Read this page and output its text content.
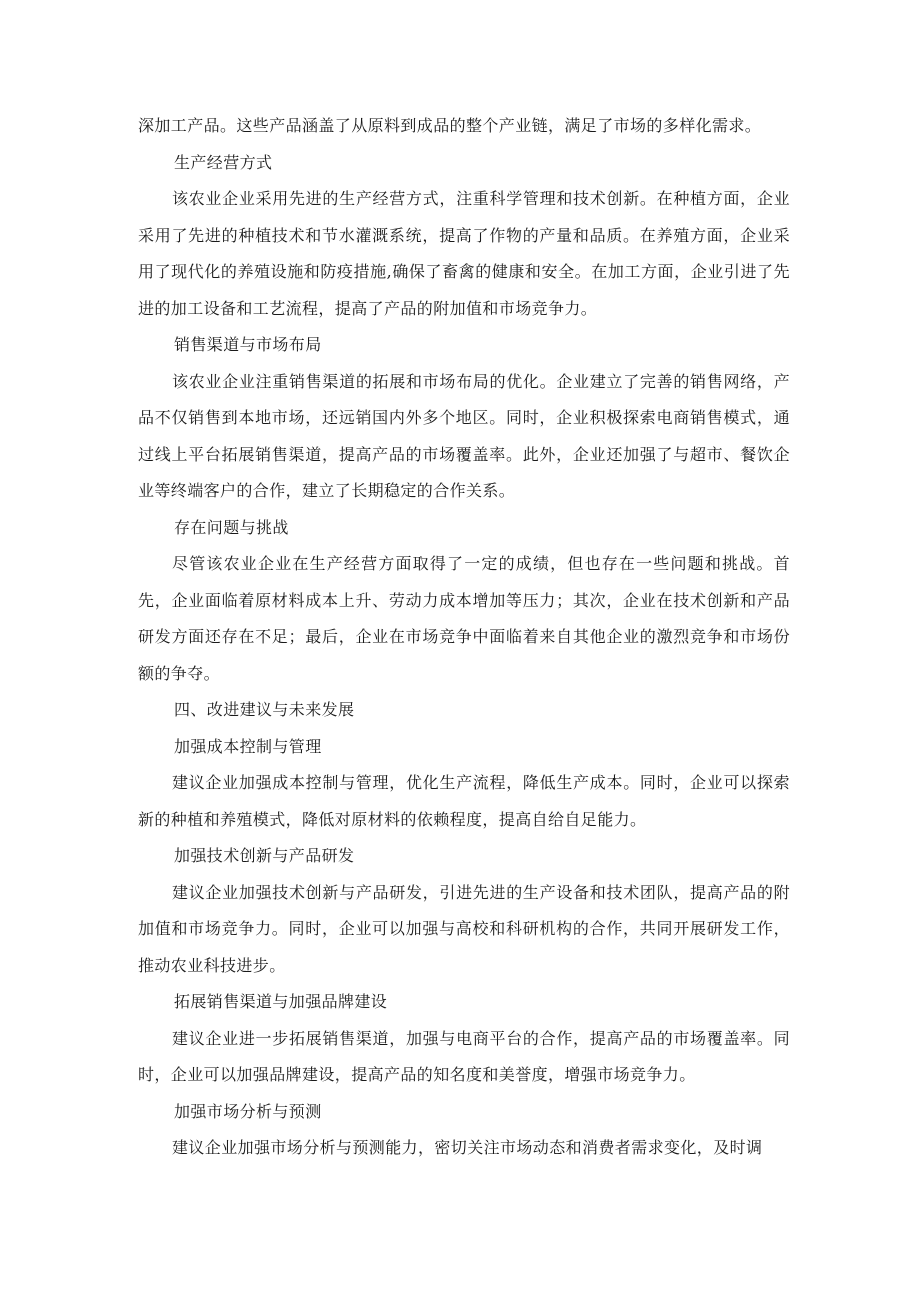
深加工产品。这些产品涵盖了从原料到成品的整个产业链，满足了市场的多样化需求。

生产经营方式

该农业企业采用先进的生产经营方式，注重科学管理和技术创新。在种植方面，企业采用了先进的种植技术和节水灌溉系统，提高了作物的产量和品质。在养殖方面，企业采用了现代化的养殖设施和防疫措施,确保了畜禽的健康和安全。在加工方面，企业引进了先进的加工设备和工艺流程，提高了产品的附加值和市场竞争力。

销售渠道与市场布局

该农业企业注重销售渠道的拓展和市场布局的优化。企业建立了完善的销售网络，产品不仅销售到本地市场，还远销国内外多个地区。同时，企业积极探索电商销售模式，通过线上平台拓展销售渠道，提高产品的市场覆盖率。此外，企业还加强了与超市、餐饮企业等终端客户的合作，建立了长期稳定的合作关系。

存在问题与挑战

尽管该农业企业在生产经营方面取得了一定的成绩，但也存在一些问题和挑战。首先，企业面临着原材料成本上升、劳动力成本增加等压力；其次，企业在技术创新和产品研发方面还存在不足；最后，企业在市场竞争中面临着来自其他企业的激烈竞争和市场份额的争夺。

四、改进建议与未来发展

加强成本控制与管理

建议企业加强成本控制与管理，优化生产流程，降低生产成本。同时，企业可以探索新的种植和养殖模式，降低对原材料的依赖程度，提高自给自足能力。

加强技术创新与产品研发

建议企业加强技术创新与产品研发，引进先进的生产设备和技术团队，提高产品的附加值和市场竞争力。同时，企业可以加强与高校和科研机构的合作，共同开展研发工作，推动农业科技进步。

拓展销售渠道与加强品牌建设

建议企业进一步拓展销售渠道，加强与电商平台的合作，提高产品的市场覆盖率。同时，企业可以加强品牌建设，提高产品的知名度和美誉度，增强市场竞争力。

加强市场分析与预测

建议企业加强市场分析与预测能力，密切关注市场动态和消费者需求变化，及时调
